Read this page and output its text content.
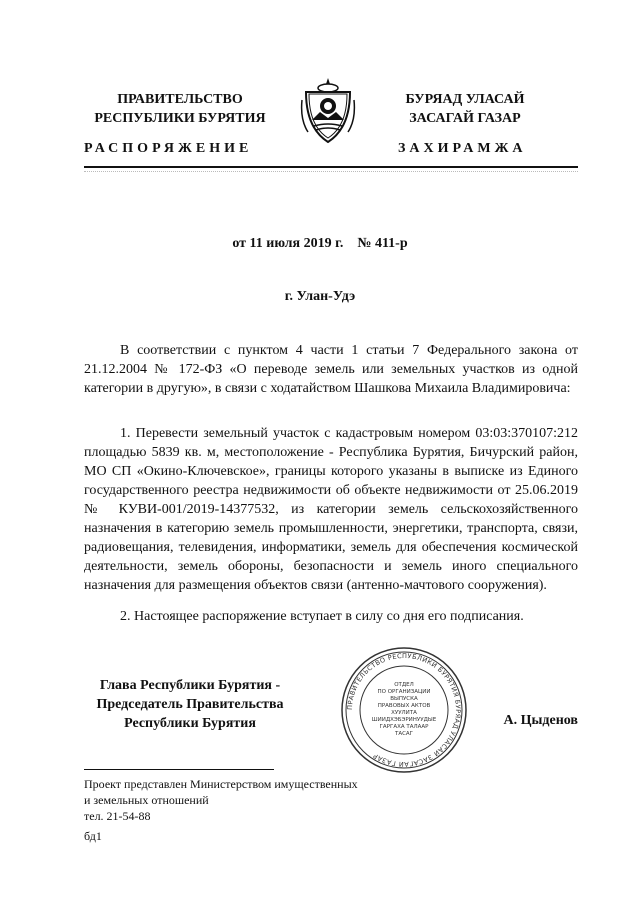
ПРАВИТЕЛЬСТВО
РЕСПУБЛИКИ БУРЯТИЯ
РАСПОРЯЖЕНИЕ
БУРЯАД УЛАСАЙ
ЗАСАГАЙ ГАЗАР
ЗАХИРАМЖА
от 11 июля 2019 г.    № 411-р
г. Улан-Удэ
В соответствии с пунктом 4 части 1 статьи 7 Федерального закона от 21.12.2004 № 172-ФЗ «О переводе земель или земельных участков из одной категории в другую», в связи с ходатайством Шашкова Михаила Владимировича:
1. Перевести земельный участок с кадастровым номером 03:03:370107:212 площадью 5839 кв. м, местоположение - Республика Бурятия, Бичурский район, МО СП «Окино-Ключевское», границы которого указаны в выписке из Единого государственного реестра недвижимости об объекте недвижимости от 25.06.2019 № КУВИ-001/2019-14377532, из категории земель сельскохозяйственного назначения в категорию земель промышленности, энергетики, транспорта, связи, радиовещания, телевидения, информатики, земель для обеспечения космической деятельности, земель обороны, безопасности и земель иного специального назначения для размещения объектов связи (антенно-мачтового сооружения).
2. Настоящее распоряжение вступает в силу со дня его подписания.
Глава Республики Бурятия -
Председатель Правительства
Республики Бурятия
ПРАВИТЕЛЬСТВО РЕСПУБЛИКИ БУРЯТИЯ БУРЯАД УЛАСАЙ ЗАСАГАЙ ГАЗАР
ОТДЕЛ
ПО ОРГАНИЗАЦИИ
ВЫПУСКА
ПРАВОВЫХ АКТОВ
ХУУЛИТА
ШИИДХЭБЭРИНУУДЫЕ
ГАРГАХА ТАЛААР
ТАСАГ
А. Цыденов
Проект представлен Министерством имущественных
и земельных отношений
тел. 21-54-88
бд1
